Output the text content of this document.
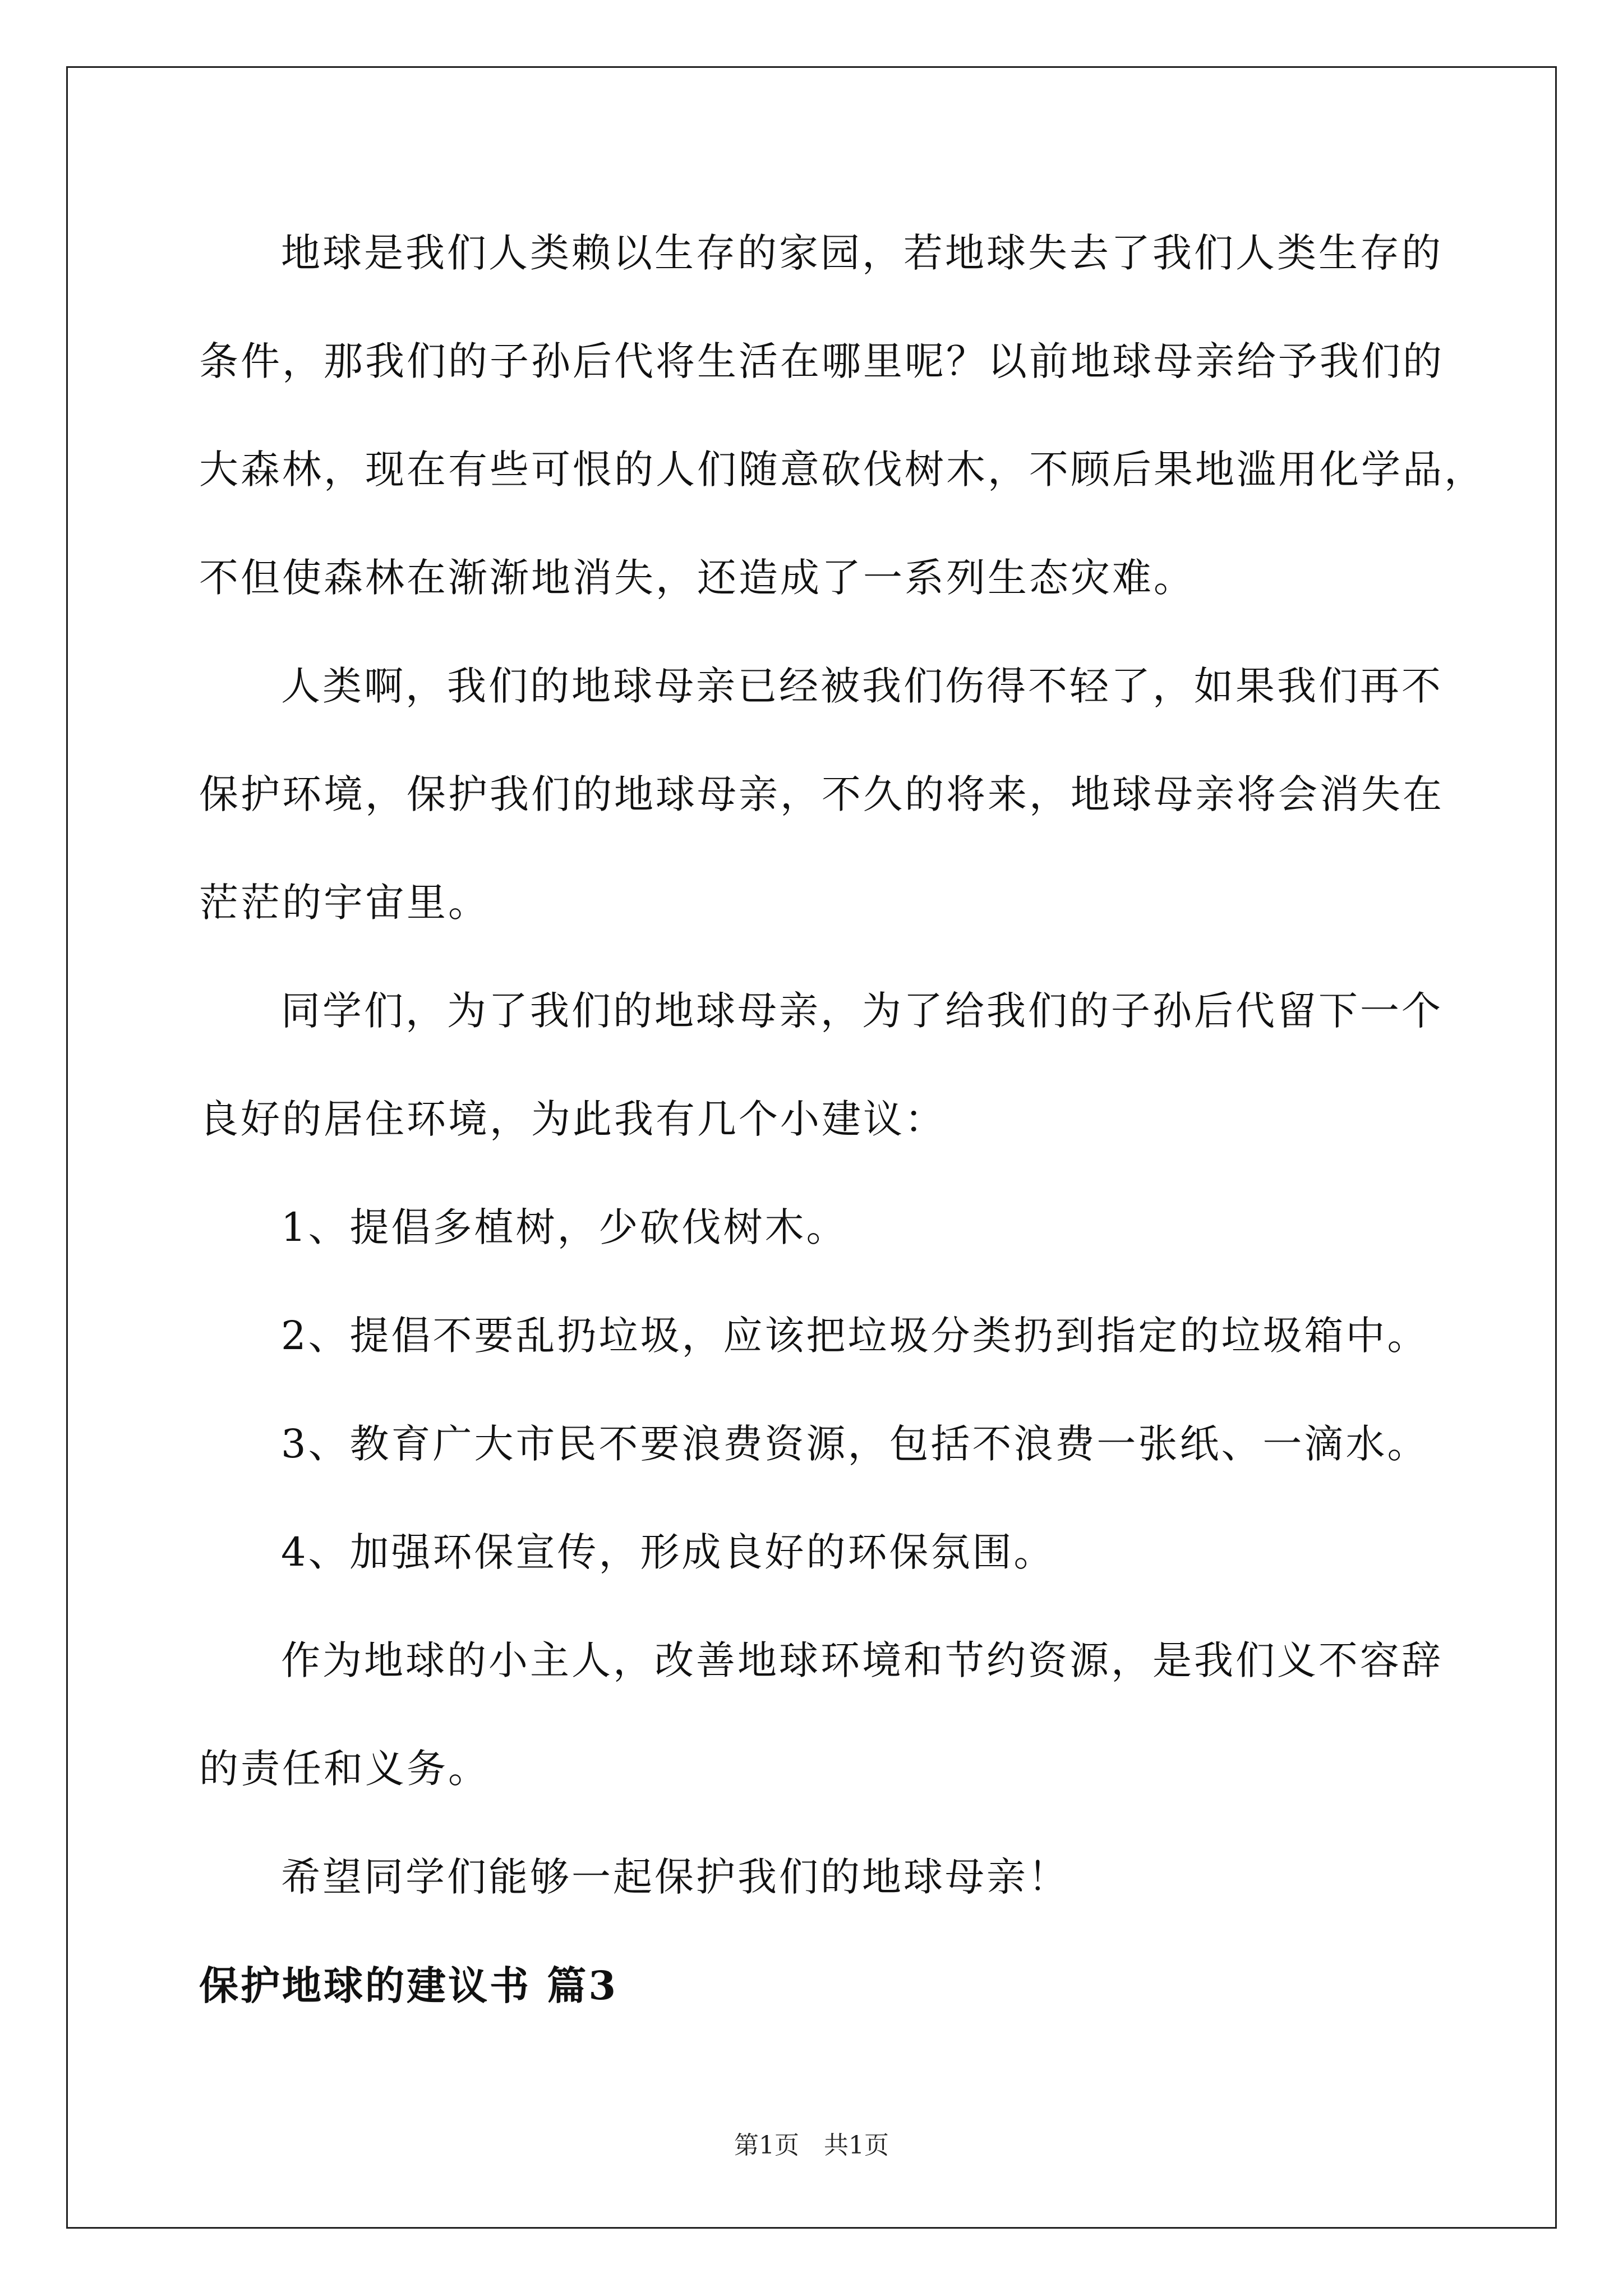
地球是我们人类赖以生存的家园，若地球失去了我们人类生存的
条件，那我们的子孙后代将生活在哪里呢？以前地球母亲给予我们的
大森林，现在有些可恨的人们随意砍伐树木，不顾后果地滥用化学品，
不但使森林在渐渐地消失，还造成了一系列生态灾难。

人类啊，我们的地球母亲已经被我们伤得不轻了，如果我们再不
保护环境，保护我们的地球母亲，不久的将来，地球母亲将会消失在
茫茫的宇宙里。

同学们，为了我们的地球母亲，为了给我们的子孙后代留下一个
良好的居住环境，为此我有几个小建议：

1、提倡多植树，少砍伐树木。

2、提倡不要乱扔垃圾，应该把垃圾分类扔到指定的垃圾箱中。

3、教育广大市民不要浪费资源，包括不浪费一张纸、一滴水。

4、加强环保宣传，形成良好的环保氛围。

作为地球的小主人，改善地球环境和节约资源，是我们义不容辞
的责任和义务。

希望同学们能够一起保护我们的地球母亲！

保护地球的建议书 篇3
第1页 共1页
